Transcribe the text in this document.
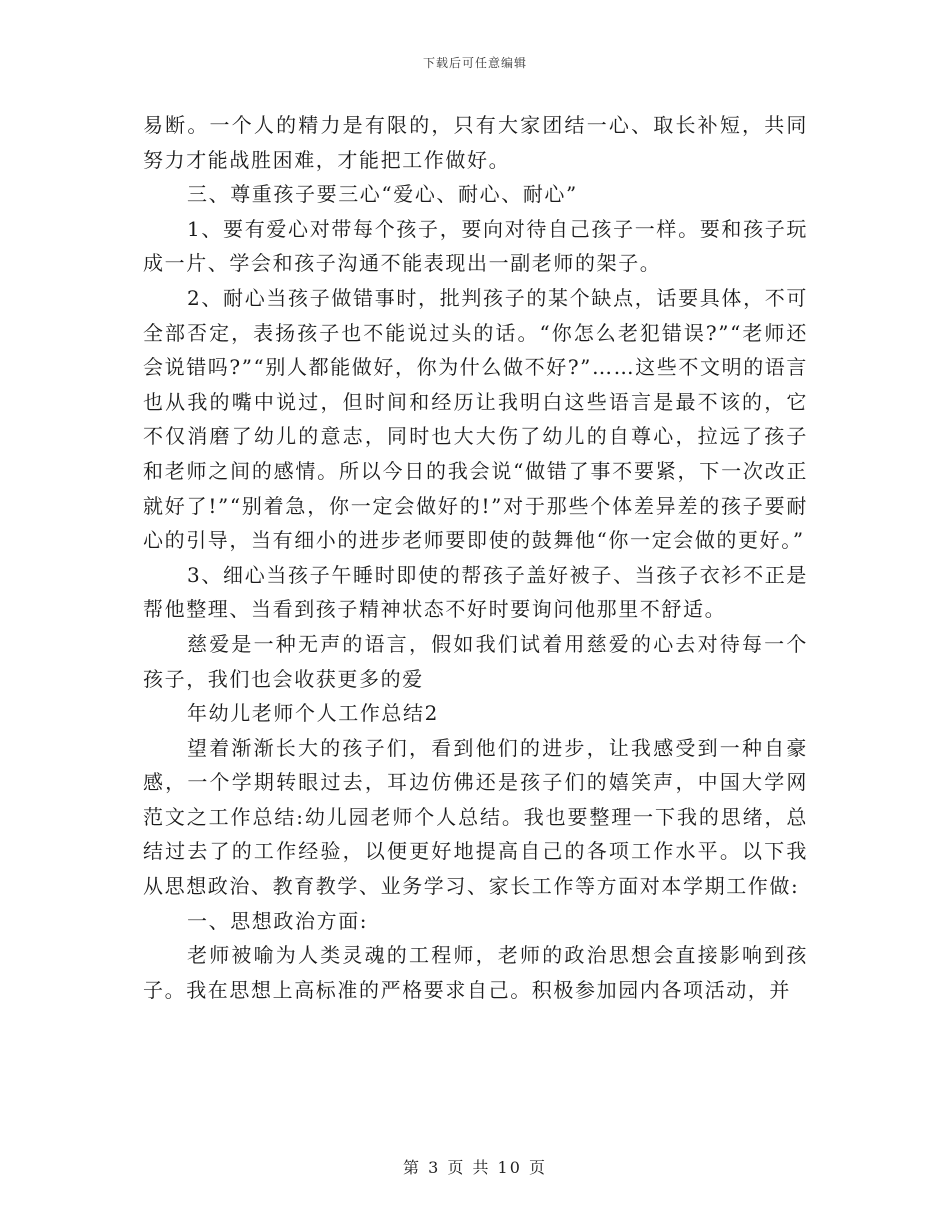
下载后可任意编辑

易断。一个人的精力是有限的，只有大家团结一心、取长补短，共同努力才能战胜困难，才能把工作做好。

三、尊重孩子要三心“爱心、耐心、耐心”

1、要有爱心对带每个孩子，要向对待自己孩子一样。要和孩子玩成一片、学会和孩子沟通不能表现出一副老师的架子。

2、耐心当孩子做错事时，批判孩子的某个缺点，话要具体，不可全部否定，表扬孩子也不能说过头的话。“你怎么老犯错误?”“老师还会说错吗?”“别人都能做好，你为什么做不好?”……这些不文明的语言也从我的嘴中说过，但时间和经历让我明白这些语言是最不该的，它不仅消磨了幼儿的意志，同时也大大伤了幼儿的自尊心，拉远了孩子和老师之间的感情。所以今日的我会说“做错了事不要紧，下一次改正就好了!”“别着急，你一定会做好的!”对于那些个体差异差的孩子要耐心的引导，当有细小的进步老师要即使的鼓舞他“你一定会做的更好。”

3、细心当孩子午睡时即使的帮孩子盖好被子、当孩子衣衫不正是帮他整理、当看到孩子精神状态不好时要询问他那里不舒适。

慈爱是一种无声的语言，假如我们试着用慈爱的心去对待每一个孩子，我们也会收获更多的爱

年幼儿老师个人工作总结2

望着渐渐长大的孩子们，看到他们的进步，让我感受到一种自豪感，一个学期转眼过去，耳边仿佛还是孩子们的嬉笑声，中国大学网范文之工作总结:幼儿园老师个人总结。我也要整理一下我的思绪，总结过去了的工作经验，以便更好地提高自己的各项工作水平。以下我从思想政治、教育教学、业务学习、家长工作等方面对本学期工作做:

一、思想政治方面:

老师被喻为人类灵魂的工程师，老师的政治思想会直接影响到孩子。我在思想上高标准的严格要求自己。积极参加园内各项活动，并

第 3 页 共 10 页
